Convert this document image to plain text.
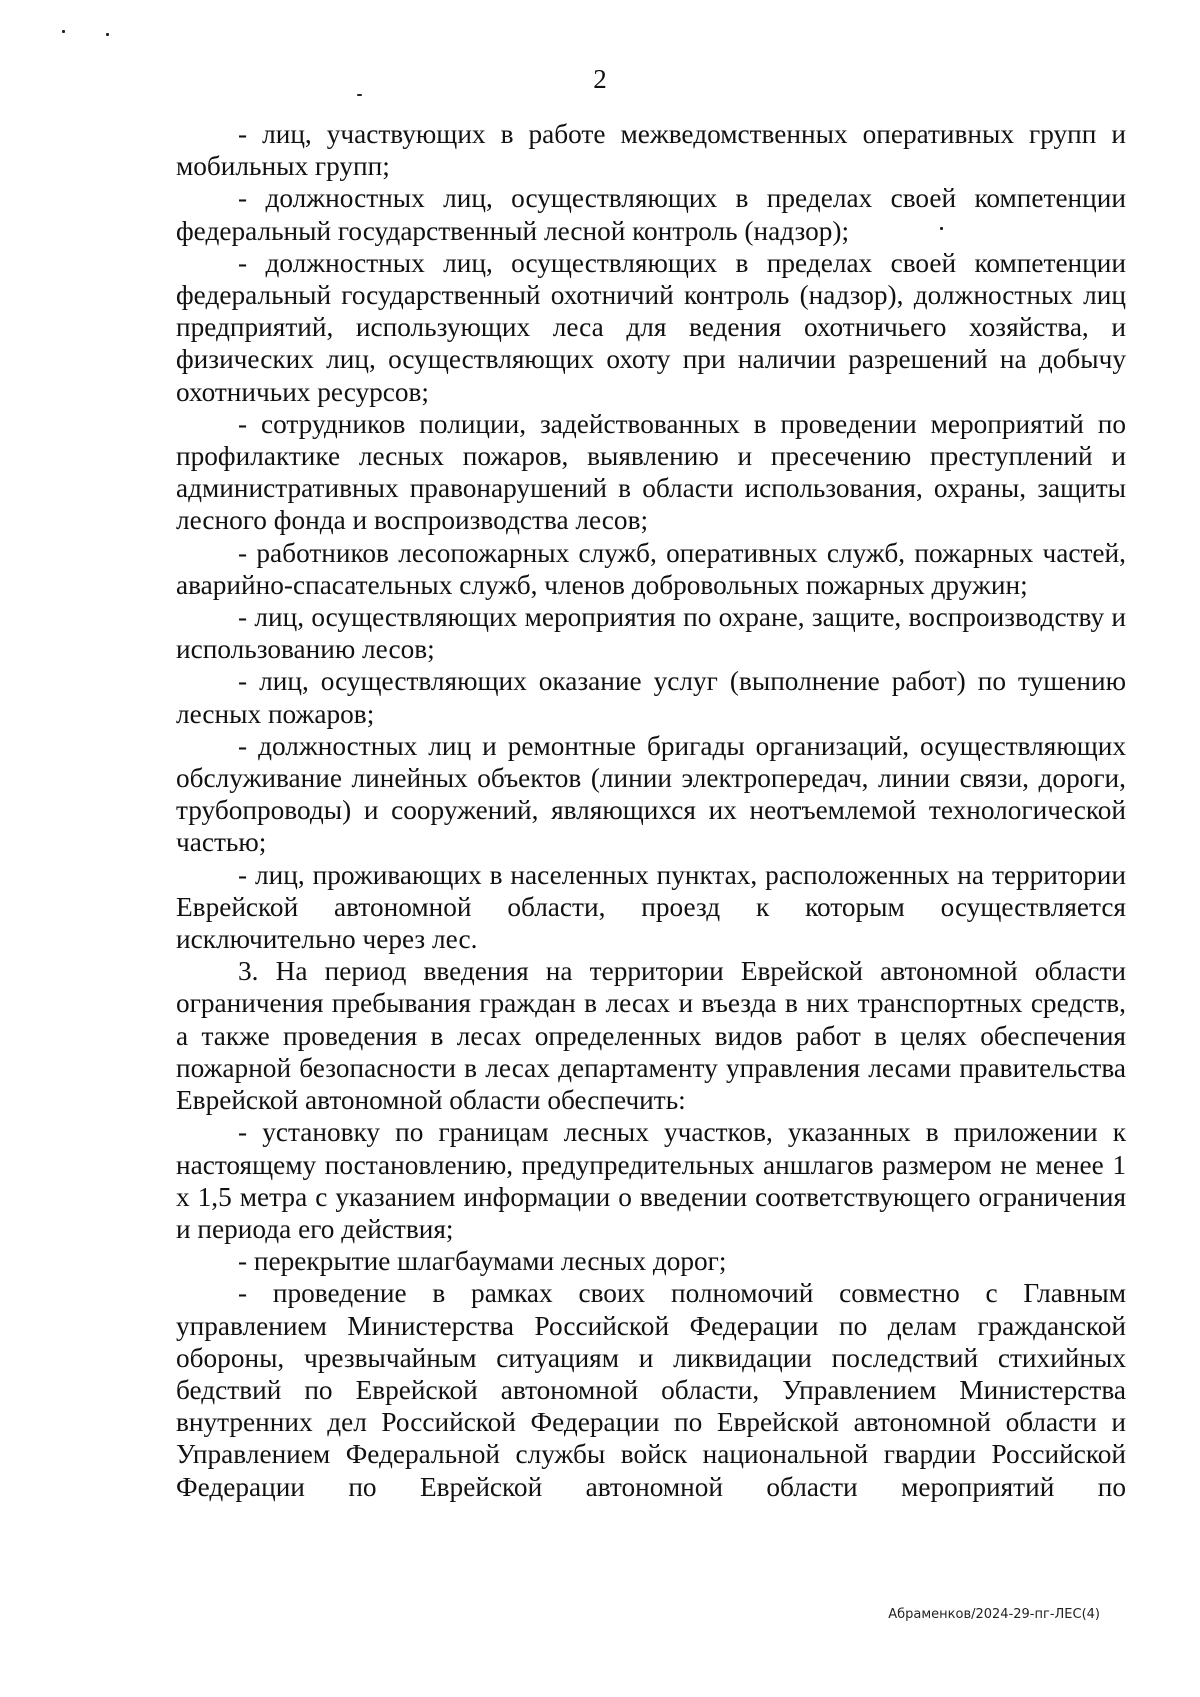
2

- лиц, участвующих в работе межведомственных оперативных групп и мобильных групп;

- должностных лиц, осуществляющих в пределах своей компетенции федеральный государственный лесной контроль (надзор);

- должностных лиц, осуществляющих в пределах своей компетенции федеральный государственный охотничий контроль (надзор), должностных лиц предприятий, использующих леса для ведения охотничьего хозяйства, и физических лиц, осуществляющих охоту при наличии разрешений на добычу охотничьих ресурсов;

- сотрудников полиции, задействованных в проведении мероприятий по профилактике лесных пожаров, выявлению и пресечению преступлений и административных правонарушений в области использования, охраны, защиты лесного фонда и воспроизводства лесов;

- работников лесопожарных служб, оперативных служб, пожарных частей, аварийно-спасательных служб, членов добровольных пожарных дружин;

- лиц, осуществляющих мероприятия по охране, защите, воспроизводству и использованию лесов;

- лиц, осуществляющих оказание услуг (выполнение работ) по тушению лесных пожаров;

- должностных лиц и ремонтные бригады организаций, осуществляющих обслуживание линейных объектов (линии электропередач, линии связи, дороги, трубопроводы) и сооружений, являющихся их неотъемлемой технологической частью;

- лиц, проживающих в населенных пунктах, расположенных на территории Еврейской автономной области, проезд к которым осуществляется исключительно через лес.

3. На период введения на территории Еврейской автономной области ограничения пребывания граждан в лесах и въезда в них транспортных средств, а также проведения в лесах определенных видов работ в целях обеспечения пожарной безопасности в лесах департаменту управления лесами правительства Еврейской автономной области обеспечить:

- установку по границам лесных участков, указанных в приложении к настоящему постановлению, предупредительных аншлагов размером не менее 1 х 1,5 метра с указанием информации о введении соответствующего ограничения и периода его действия;

- перекрытие шлагбаумами лесных дорог;

- проведение в рамках своих полномочий совместно с Главным управлением Министерства Российской Федерации по делам гражданской обороны, чрезвычайным ситуациям и ликвидации последствий стихийных бедствий по Еврейской автономной области, Управлением Министерства внутренних дел Российской Федерации по Еврейской автономной области и Управлением Федеральной службы войск национальной гвардии Российской Федерации по Еврейской автономной области мероприятий по

Абраменков/2024-29-пг-ЛЕС(4)
